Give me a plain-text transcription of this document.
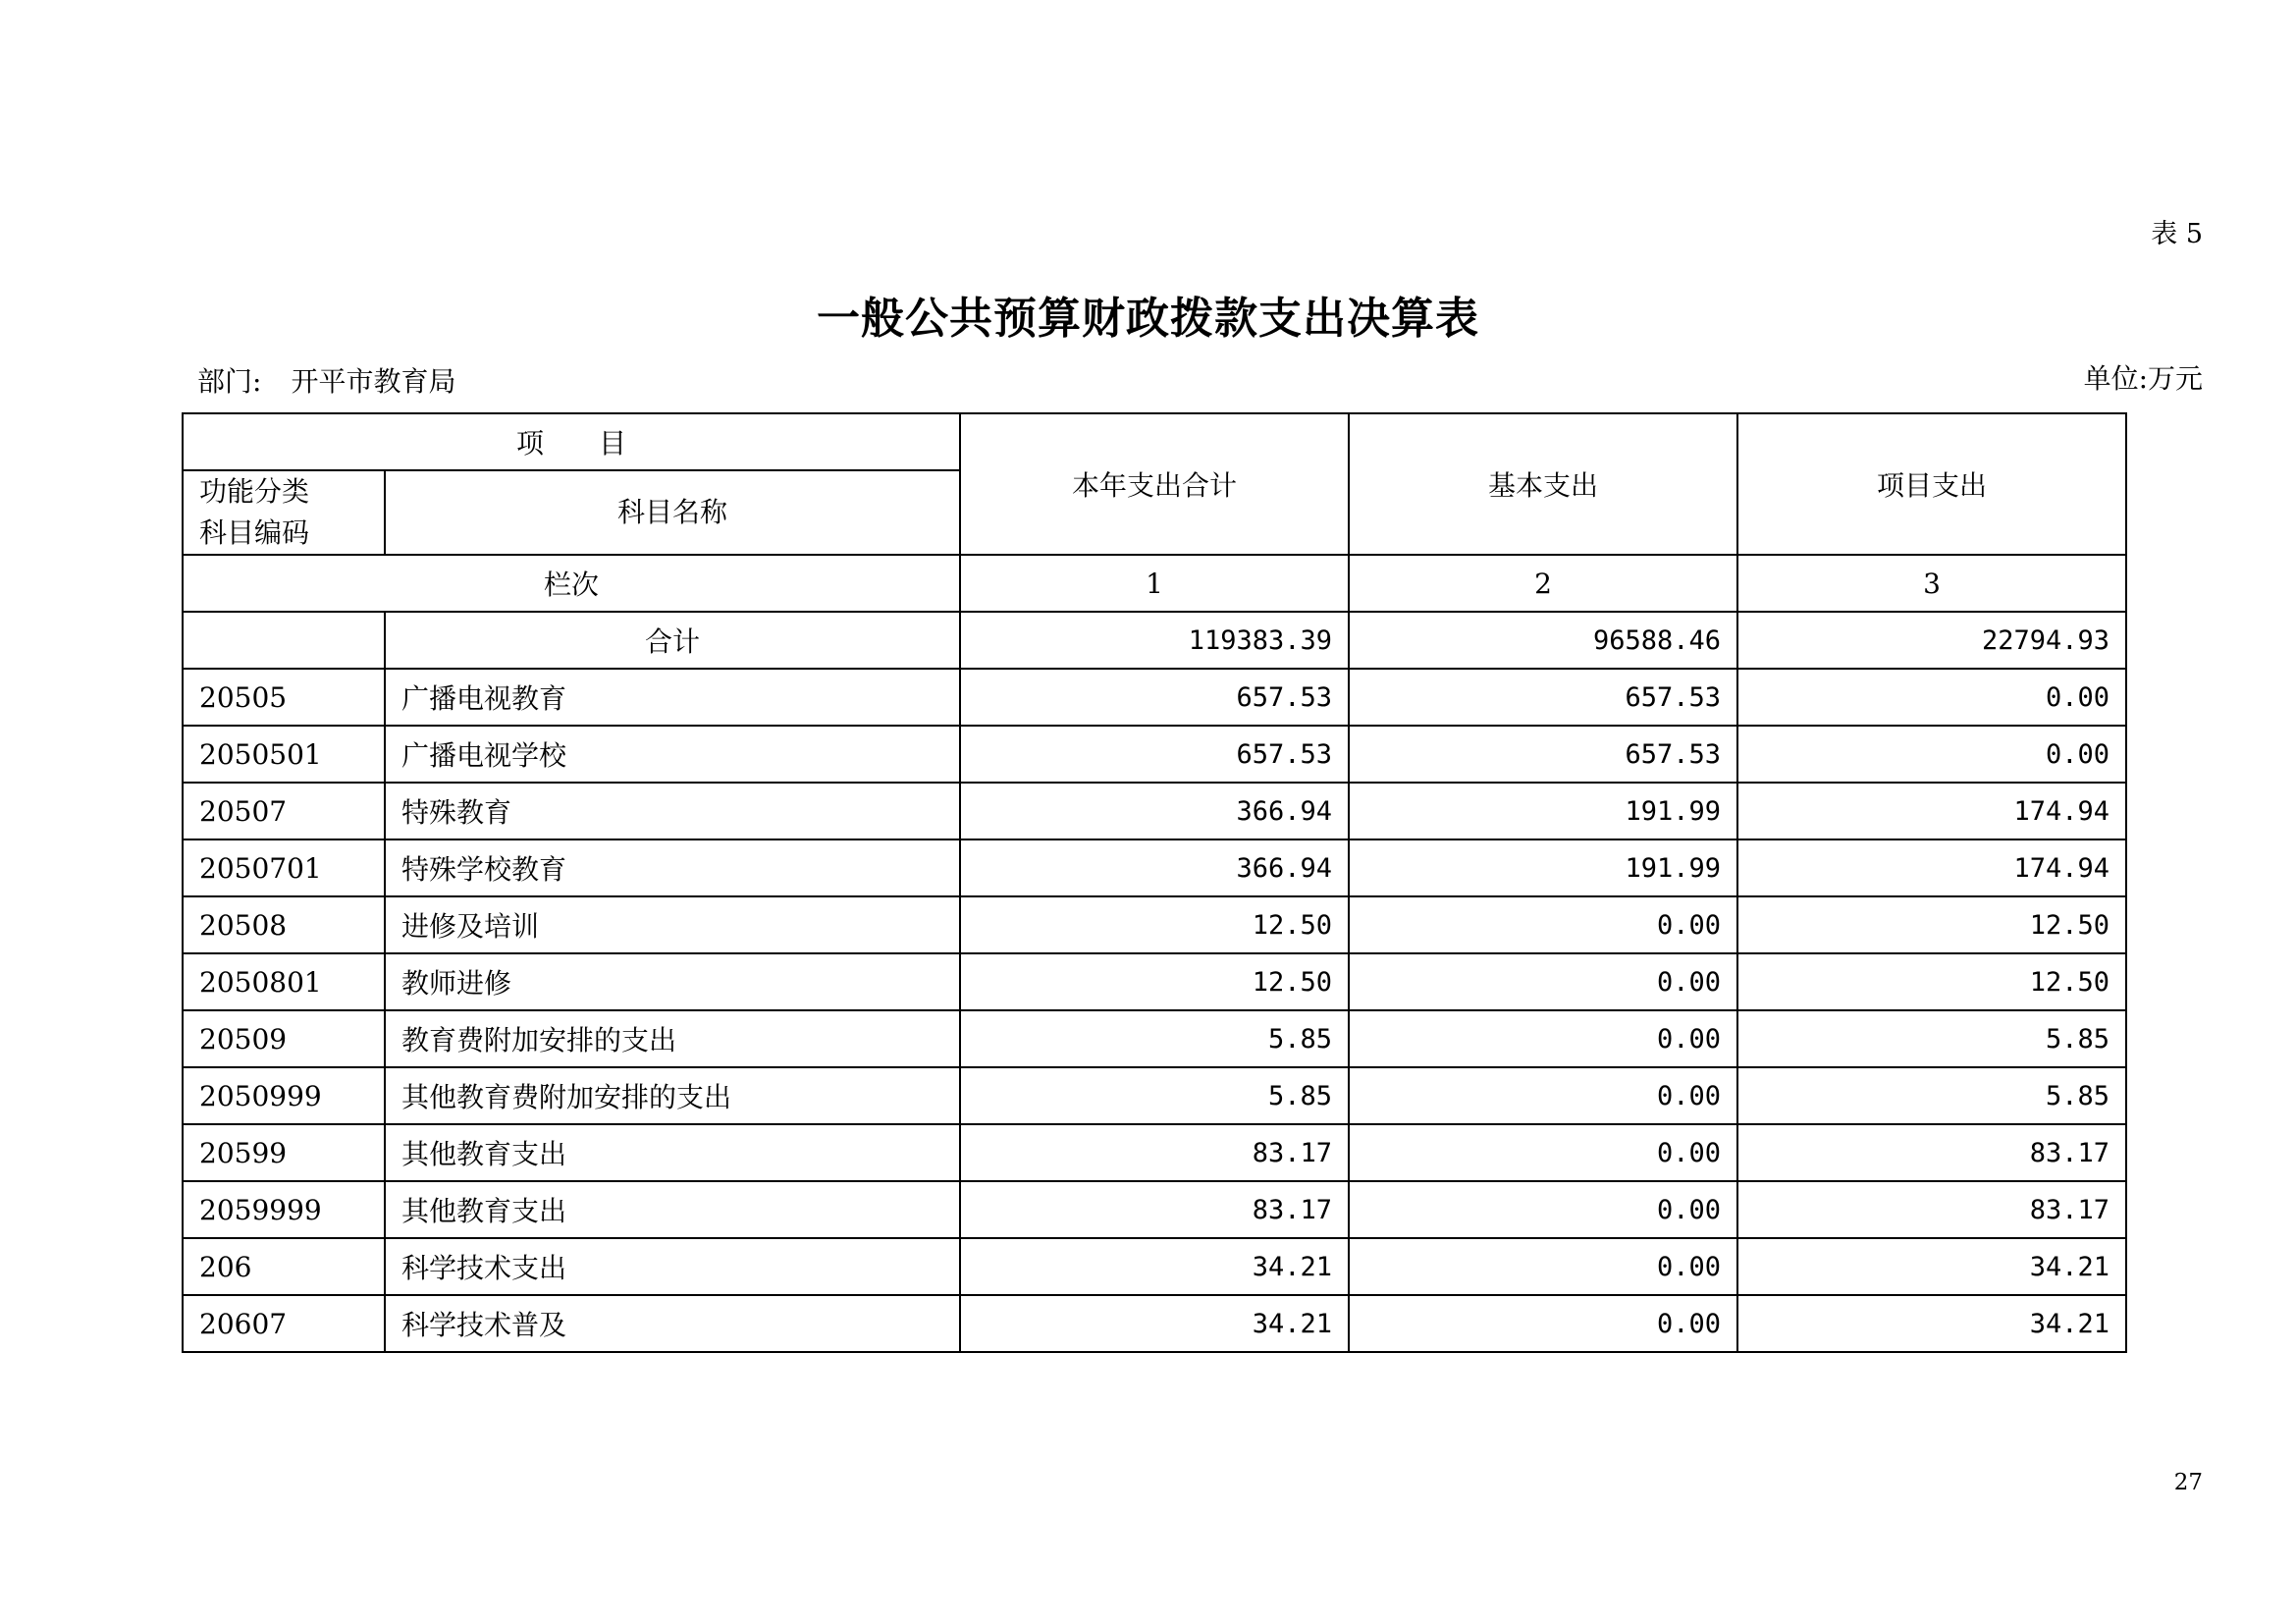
表 5
一般公共预算财政拨款支出决算表
部门: 开平市教育局	单位:万元
项　　目		本年支出合计	基本支出	项目支出

功能分类
科目编码	科目名称			
栏次		1	2	3
	合计	119383.39	96588.46	22794.93
20505	广播电视教育	657.53	657.53	0.00
2050501	广播电视学校	657.53	657.53	0.00
20507	特殊教育	366.94	191.99	174.94
2050701	特殊学校教育	366.94	191.99	174.94
20508	进修及培训	12.50	0.00	12.50
2050801	教师进修	12.50	0.00	12.50
20509	教育费附加安排的支出	5.85	0.00	5.85
2050999	其他教育费附加安排的支出	5.85	0.00	5.85
20599	其他教育支出	83.17	0.00	83.17
2059999	其他教育支出	83.17	0.00	83.17
206	科学技术支出	34.21	0.00	34.21
20607	科学技术普及	34.21	0.00	34.21
27
